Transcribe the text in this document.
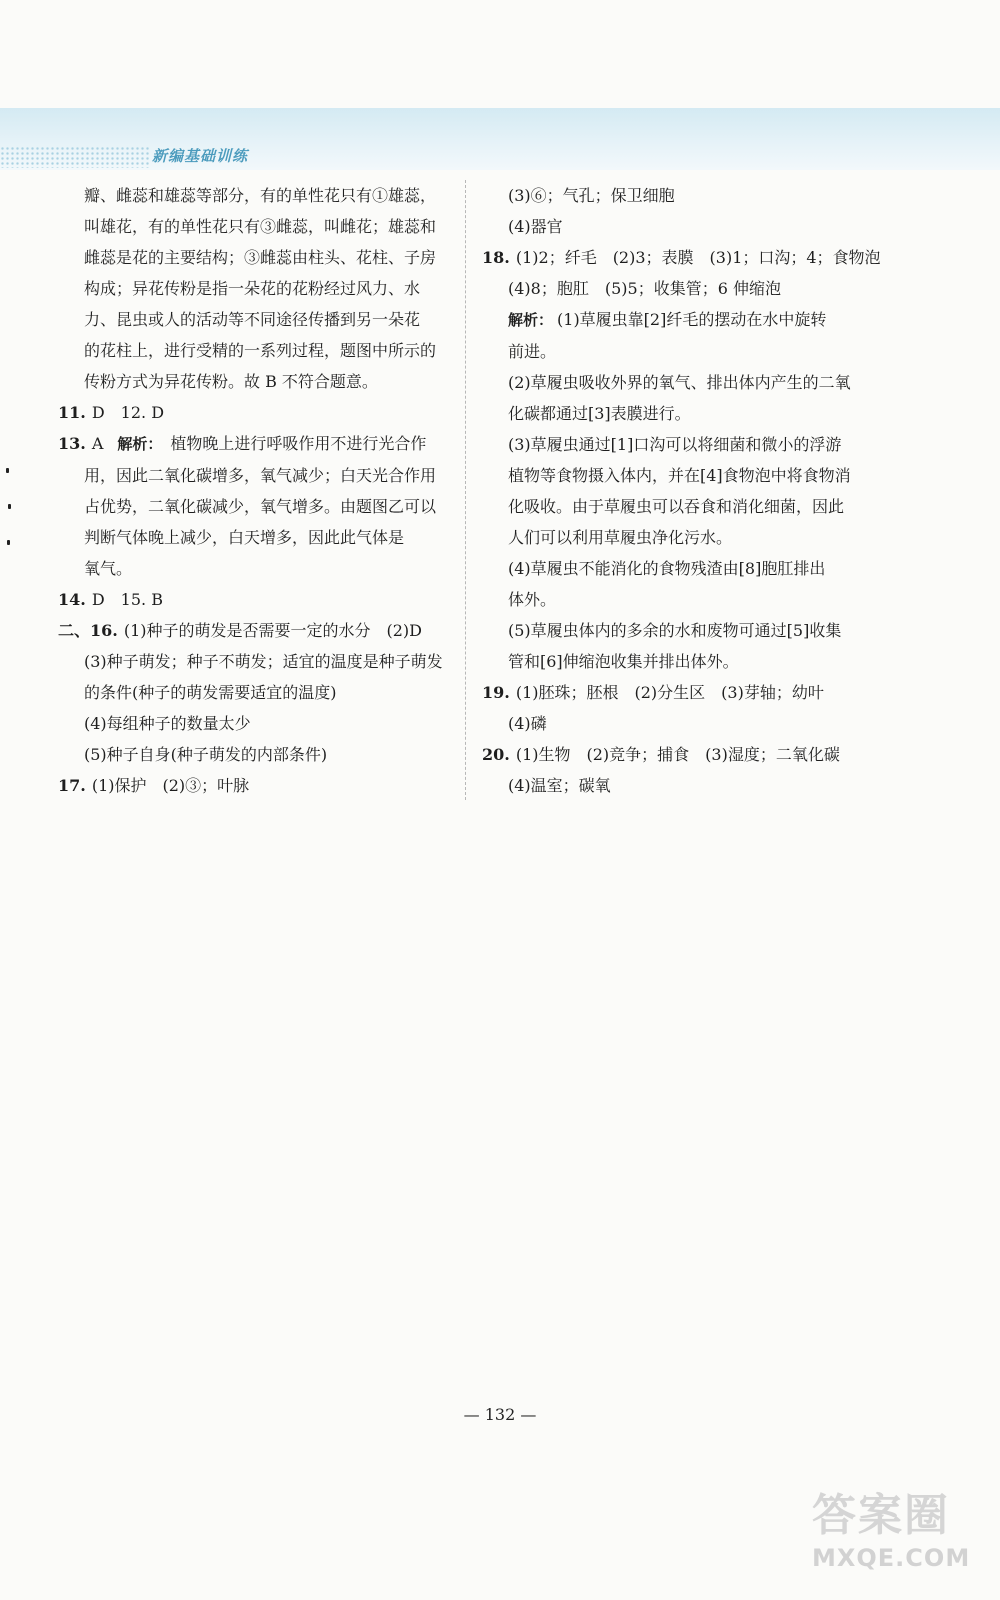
新编基础训练
瓣、雌蕊和雄蕊等部分，有的单性花只有①雄蕊，
叫雄花，有的单性花只有③雌蕊，叫雌花；雄蕊和
雌蕊是花的主要结构；③雌蕊由柱头、花柱、子房
构成；异花传粉是指一朵花的花粉经过风力、水
力、昆虫或人的活动等不同途径传播到另一朵花
的花柱上，进行受精的一系列过程，题图中所示的
传粉方式为异花传粉。故 B 不符合题意。
11. D　12. D
13. A 解析： 植物晚上进行呼吸作用不进行光合作
用，因此二氧化碳增多，氧气减少；白天光合作用
占优势，二氧化碳减少，氧气增多。由题图乙可以
判断气体晚上减少，白天增多，因此此气体是
氧气。
14. D　15. B
二、16. (1)种子的萌发是否需要一定的水分　(2)D
(3)种子萌发；种子不萌发；适宜的温度是种子萌发
的条件(种子的萌发需要适宜的温度)
(4)每组种子的数量太少
(5)种子自身(种子萌发的内部条件)
17. (1)保护　(2)③；叶脉
(3)⑥；气孔；保卫细胞
(4)器官
18. (1)2；纤毛　(2)3；表膜　(3)1；口沟；4；食物泡
(4)8；胞肛　(5)5；收集管；6 伸缩泡
解析： (1)草履虫靠[2]纤毛的摆动在水中旋转
前进。
(2)草履虫吸收外界的氧气、排出体内产生的二氧
化碳都通过[3]表膜进行。
(3)草履虫通过[1]口沟可以将细菌和微小的浮游
植物等食物摄入体内，并在[4]食物泡中将食物消
化吸收。由于草履虫可以吞食和消化细菌，因此
人们可以利用草履虫净化污水。
(4)草履虫不能消化的食物残渣由[8]胞肛排出
体外。
(5)草履虫体内的多余的水和废物可通过[5]收集
管和[6]伸缩泡收集并排出体外。
19. (1)胚珠；胚根　(2)分生区　(3)芽轴；幼叶
(4)磷
20. (1)生物　(2)竞争；捕食　(3)湿度；二氧化碳
(4)温室；碳氧
— 132 —
答案圈
MXQE.COM
